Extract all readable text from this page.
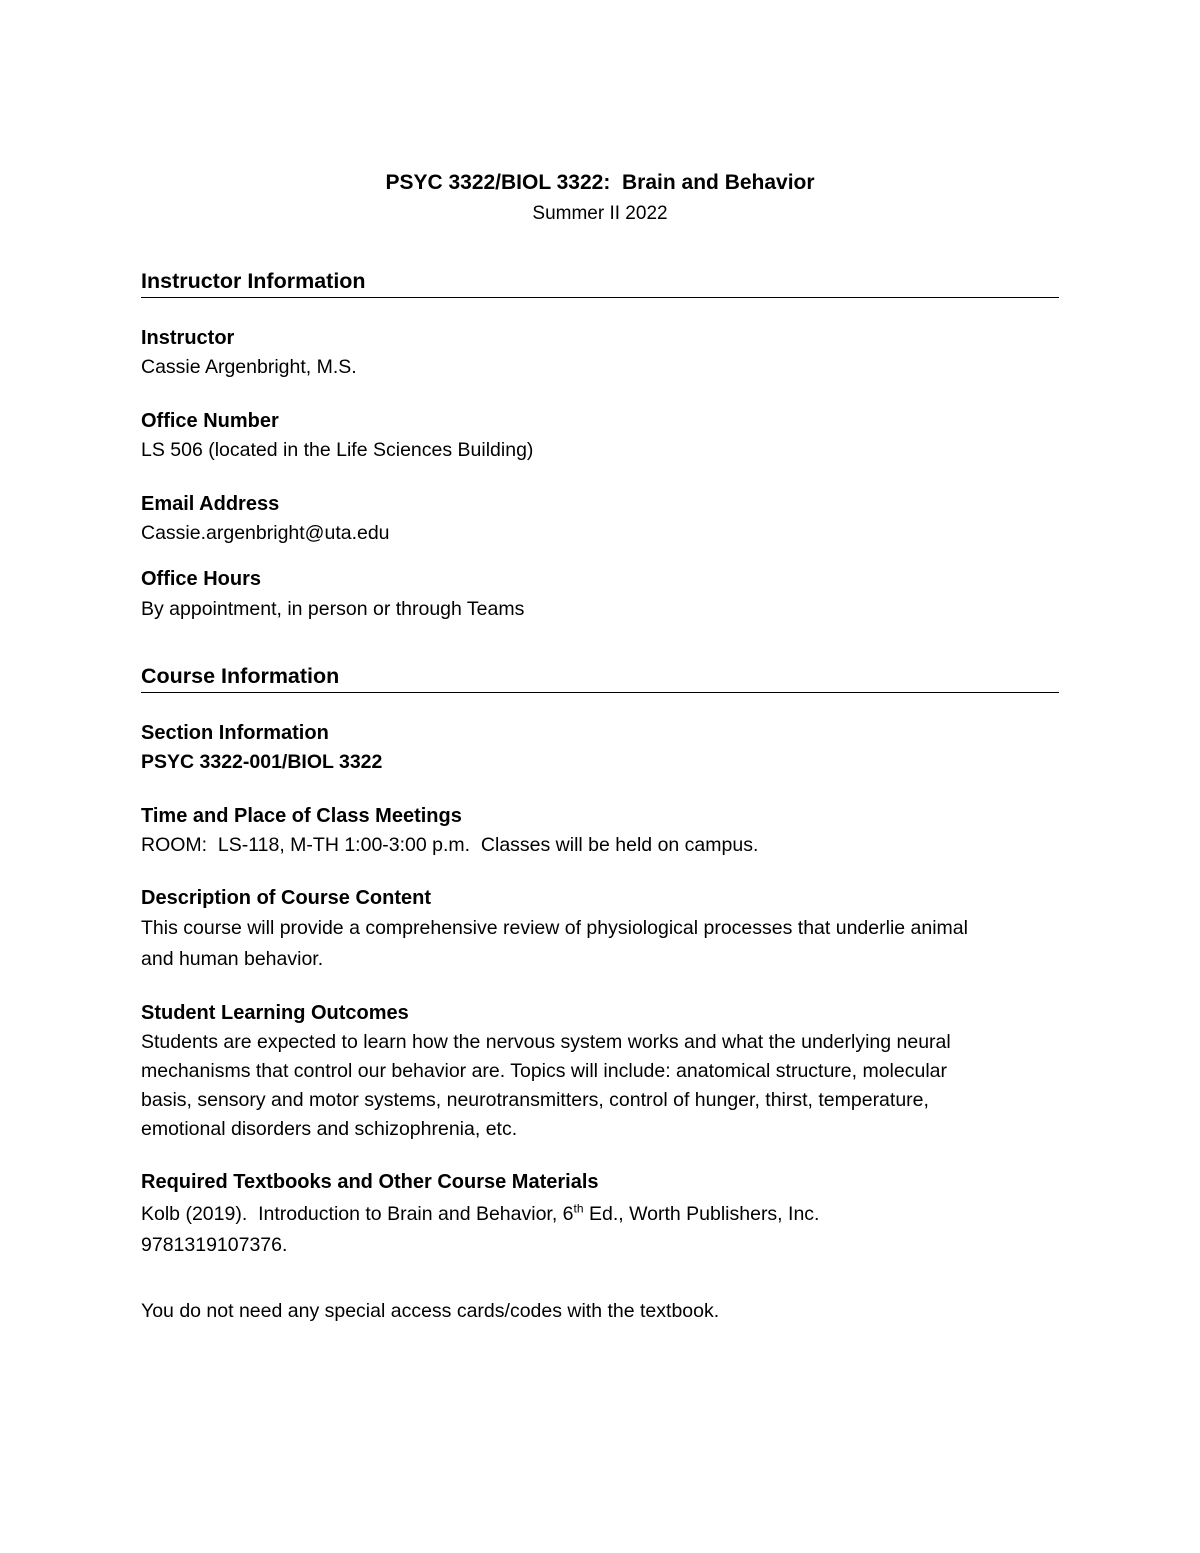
PSYC 3322/BIOL 3322:  Brain and Behavior
Summer II 2022
Instructor Information
Instructor
Cassie Argenbright, M.S.
Office Number
LS 506 (located in the Life Sciences Building)
Email Address
Cassie.argenbright@uta.edu
Office Hours
By appointment, in person or through Teams
Course Information
Section Information
PSYC 3322-001/BIOL 3322
Time and Place of Class Meetings
ROOM:  LS-118, M-TH 1:00-3:00 p.m.  Classes will be held on campus.
Description of Course Content
This course will provide a comprehensive review of physiological processes that underlie animal
and human behavior.
Student Learning Outcomes
Students are expected to learn how the nervous system works and what the underlying neural
mechanisms that control our behavior are. Topics will include: anatomical structure, molecular
basis, sensory and motor systems, neurotransmitters, control of hunger, thirst, temperature,
emotional disorders and schizophrenia, etc.
Required Textbooks and Other Course Materials
Kolb (2019).  Introduction to Brain and Behavior, 6th Ed., Worth Publishers, Inc.
9781319107376.
You do not need any special access cards/codes with the textbook.
